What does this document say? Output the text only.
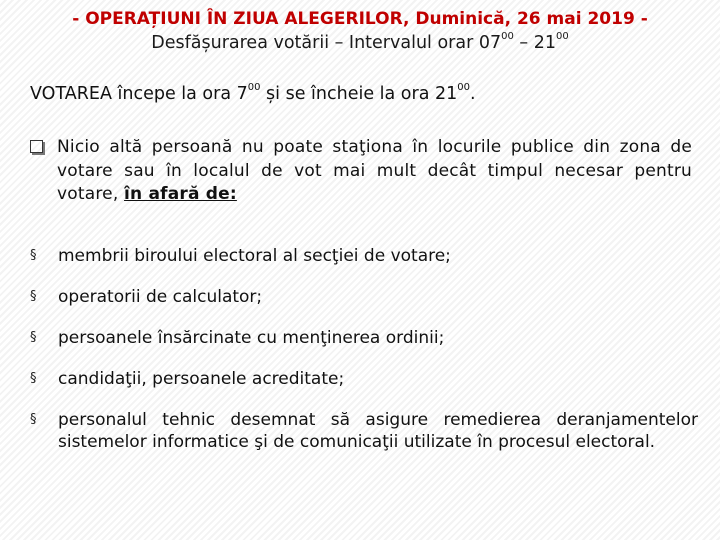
- OPERAȚIUNI ÎN ZIUA ALEGERILOR, Duminică, 26 mai 2019 -
Desfășurarea votării – Intervalul orar $07^{00} - 21^{00}$
VOTAREA începe la ora $7^{00}$ și se încheie la ora $21^{00}$.
Nicio altă persoană nu poate staţiona în locurile publice din zona de votare sau în localul de vot mai mult decât timpul necesar pentru votare, în afară de:
§ membrii biroului electoral al secţiei de votare;
§ operatorii de calculator;
§ persoanele însărcinate cu menţinerea ordinii;
§ candidaţii, persoanele acreditate;
§ personalul tehnic desemnat să asigure remedierea deranjamentelor sistemelor informatice şi de comunicaţii utilizate în procesul electoral.
